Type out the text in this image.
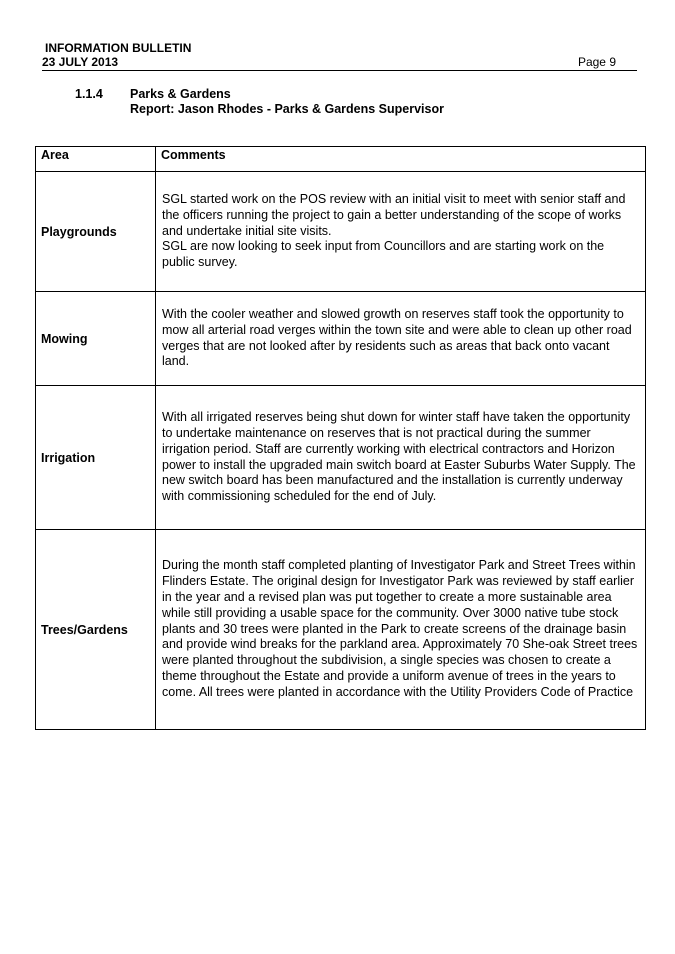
INFORMATION BULLETIN
23 JULY 2013	Page 9
1.1.4	Parks & Gardens
Report: Jason Rhodes - Parks & Gardens Supervisor
Area	Comments
Playgrounds	SGL started work on the POS review with an initial visit to meet with senior staff and the officers running the project to gain a better understanding of the scope of works and undertake initial site visits.
SGL are now looking to seek input from Councillors and are starting work on the public survey.

Mowing	With the cooler weather and slowed growth on reserves staff took the opportunity to mow all arterial road verges within the town site and were able to clean up other road verges that are not looked after by residents such as areas that back onto vacant land.

Irrigation	With all irrigated reserves being shut down for winter staff have taken the opportunity to undertake maintenance on reserves that is not practical during the summer irrigation period. Staff are currently working with electrical contractors and Horizon power to install the upgraded main switch board at Easter Suburbs Water Supply. The new switch board has been manufactured and the installation is currently underway with commissioning scheduled for the end of July.

Trees/Gardens	During the month staff completed planting of Investigator Park and Street Trees within Flinders Estate. The original design for Investigator Park was reviewed by staff earlier in the year and a revised plan was put together to create a more sustainable area while still providing a usable space for the community. Over 3000 native tube stock plants and 30 trees were planted in the Park to create screens of the drainage basin and provide wind breaks for the parkland area. Approximately 70 She-oak Street trees were planted throughout the subdivision, a single species was chosen to create a theme throughout the Estate and provide a uniform avenue of trees in the years to come. All trees were planted in accordance with the Utility Providers Code of Practice
